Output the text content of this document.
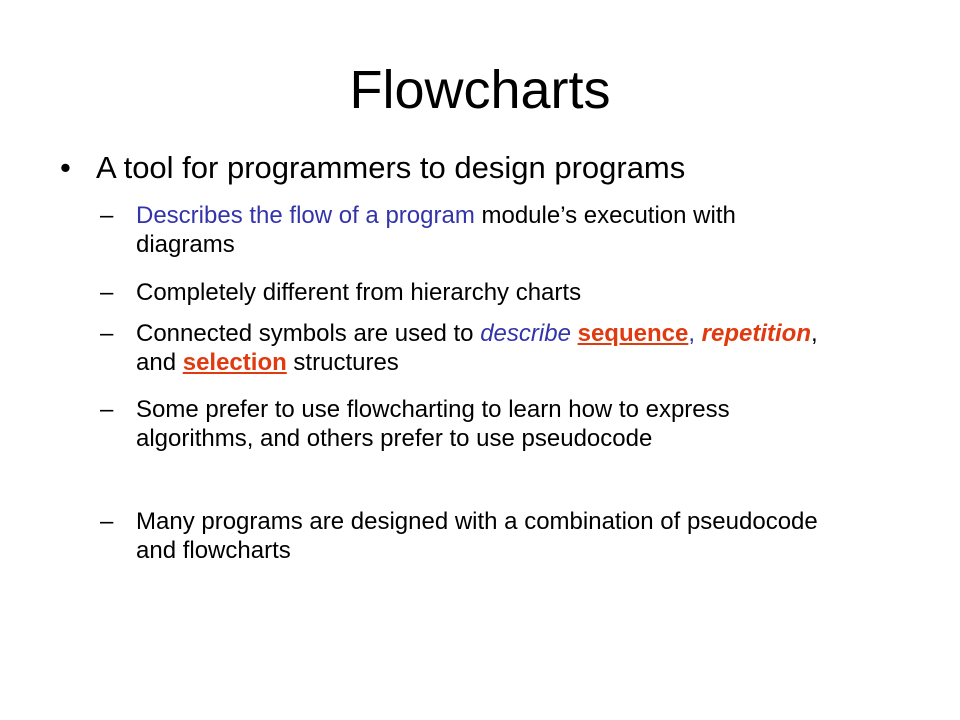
Flowcharts
• A tool for programmers to design programs
– Describes the flow of a program module’s execution with diagrams
– Completely different from hierarchy charts
– Connected symbols are used to describe sequence, repetition, and selection structures
– Some prefer to use flowcharting to learn how to express algorithms, and others prefer to use pseudocode
– Many programs are designed with a combination of pseudocode and flowcharts
